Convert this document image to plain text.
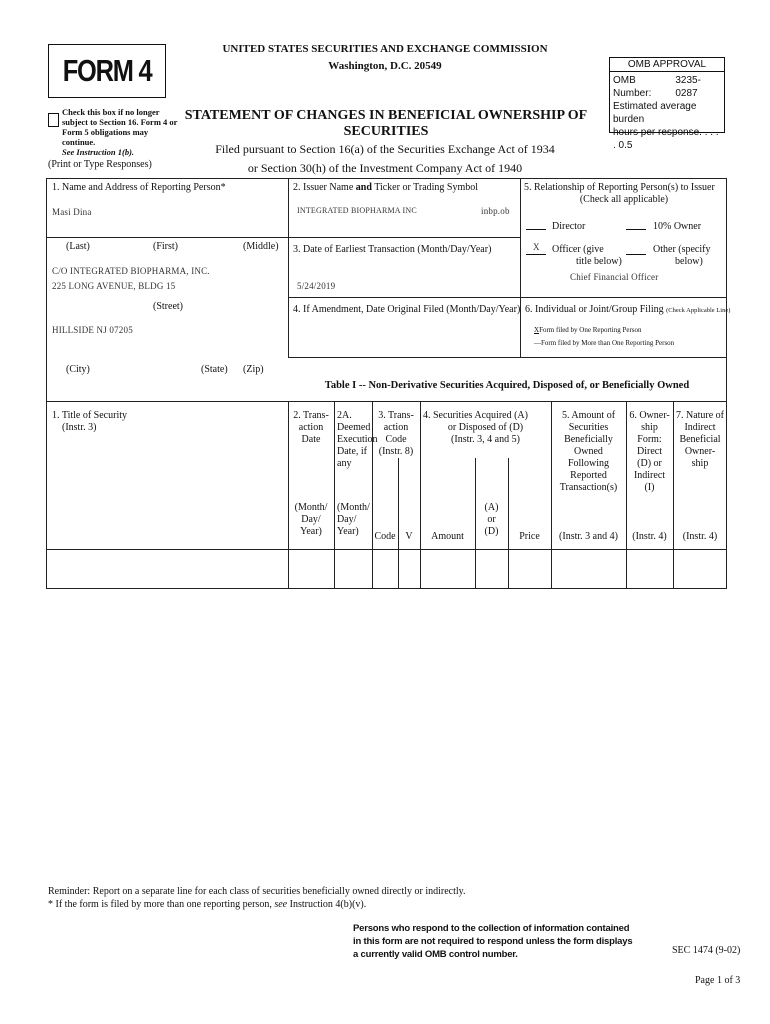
FORM 4
Check this box if no longer
subject to Section 16. Form 4 or
Form 5 obligations may continue.
See Instruction 1(b).
(Print or Type Responses)
UNITED STATES SECURITIES AND EXCHANGE COMMISSION
Washington, D.C. 20549
STATEMENT OF CHANGES IN BENEFICIAL OWNERSHIP OF SECURITIES
Filed pursuant to Section 16(a) of the Securities Exchange Act of 1934
or Section 30(h) of the Investment Company Act of 1940
OMB APPROVAL
OMB Number:
3235-0287
Estimated average burden
hours per response. . . . . 0.5
1. Name and Address of Reporting Person*
Masi Dina
(Last)	(First)	(Middle)
C/O INTEGRATED BIOPHARMA, INC.
225 LONG AVENUE, BLDG 15
(Street)
HILLSIDE NJ 07205
(City)	(State) (Zip)
2. Issuer Name and Ticker or Trading Symbol
INTEGRATED BIOPHARMA INC	inbp.ob
3. Date of Earliest Transaction (Month/Day/Year)
5/24/2019
4. If Amendment, Date Original Filed (Month/Day/Year)
5. Relationship of Reporting Person(s) to Issuer
(Check all applicable)
Director	10% Owner
X Officer (give
title below)
Other (specify
below)
Chief Financial Officer
6. Individual or Joint/Group Filing (Check Applicable Line)
XForm filed by One Reporting Person
—Form filed by More than One Reporting Person
Table I -- Non-Derivative Securities Acquired, Disposed of, or Beneficially Owned
1. Title of Security
(Instr. 3)
2. Trans-
action
Date
(Month/
Day/
Year)
2A.
Deemed
Execution
Date, if
any
(Month/
Day/
Year)
3. Trans-
action
Code
(Instr. 8)
Code V
4. Securities Acquired (A)
or Disposed of (D)
(Instr. 3, 4 and 5)
Amount
(A)
or
(D)	Price
5. Amount of
Securities
Beneficially
Owned
Following
Reported
Transaction(s)
(Instr. 3 and 4)
6. Owner-
ship
Form:
Direct
(D) or
Indirect
(I)
(Instr. 4)
7. Nature of
Indirect
Beneficial
Owner-
ship
(Instr. 4)
Reminder: Report on a separate line for each class of securities beneficially owned directly or indirectly.
* If the form is filed by more than one reporting person, see Instruction 4(b)(v).
Persons who respond to the collection of information contained
in this form are not required to respond unless the form displays
a currently valid OMB control number.	SEC 1474 (9-02)
Page 1 of 3
